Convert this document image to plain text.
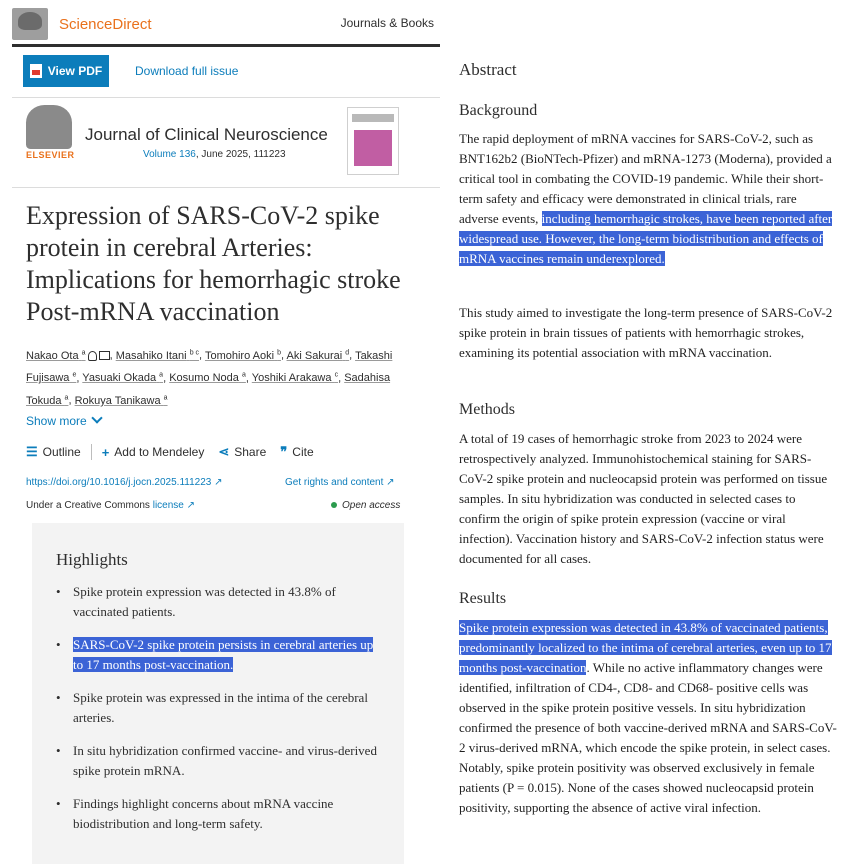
ScienceDirect	Journals & Books
View PDF	Download full issue
ELSEVIER
Journal of Clinical Neuroscience
Volume 136, June 2025, 111223
Expression of SARS-CoV-2 spike protein in cerebral Arteries: Implications for hemorrhagic stroke Post-mRNA vaccination
Nakao Ota $^a$ , Masahiko Itani $^{b c}$, Tomohiro Aoki $^b$, Aki Sakurai $^d$, Takashi Fujisawa $^e$, Yasuaki Okada $^a$, Kosumo Noda $^a$, Yoshiki Arakawa $^c$, Sadahisa Tokuda $^a$, Rokuya Tanikawa $^a$
Show more
☰ Outline + Add to Mendeley ⋖ Share ❞ Cite
https://doi.org/10.1016/j.jocn.2025.111223 ↗	Get rights and content ↗
Under a Creative Commons license ↗	Open access
Highlights
• Spike protein expression was detected in 43.8% of vaccinated patients.
• SARS-CoV-2 spike protein persists in cerebral arteries up to 17 months post-vaccination.
• Spike protein was expressed in the intima of the cerebral arteries.
• In situ hybridization confirmed vaccine- and virus-derived spike protein mRNA.
• Findings highlight concerns about mRNA vaccine biodistribution and long-term safety.
Abstract
Background
The rapid deployment of mRNA vaccines for SARS-CoV-2, such as BNT162b2 (BioNTech-Pfizer) and mRNA-1273 (Moderna), provided a critical tool in combating the COVID-19 pandemic. While their short-term safety and efficacy were demonstrated in clinical trials, rare adverse events, including hemorrhagic strokes, have been reported after widespread use. However, the long-term biodistribution and effects of mRNA vaccines remain underexplored.
This study aimed to investigate the long-term presence of SARS-CoV-2 spike protein in brain tissues of patients with hemorrhagic strokes, examining its potential association with mRNA vaccination.
Methods
A total of 19 cases of hemorrhagic stroke from 2023 to 2024 were retrospectively analyzed. Immunohistochemical staining for SARS-CoV-2 spike protein and nucleocapsid protein was performed on tissue samples. In situ hybridization was conducted in selected cases to confirm the origin of spike protein expression (vaccine or viral infection). Vaccination history and SARS-CoV-2 infection status were documented for all cases.
Results
Spike protein expression was detected in 43.8% of vaccinated patients, predominantly localized to the intima of cerebral arteries, even up to 17 months post-vaccination. While no active inflammatory changes were identified, infiltration of CD4-, CD8- and CD68- positive cells was observed in the spike protein positive vessels. In situ hybridization confirmed the presence of both vaccine-derived mRNA and SARS-CoV-2 virus-derived mRNA, which encode the spike protein, in select cases. Notably, spike protein positivity was observed exclusively in female patients (P = 0.015). None of the cases showed nucleocapsid protein positivity, supporting the absence of active viral infection.
